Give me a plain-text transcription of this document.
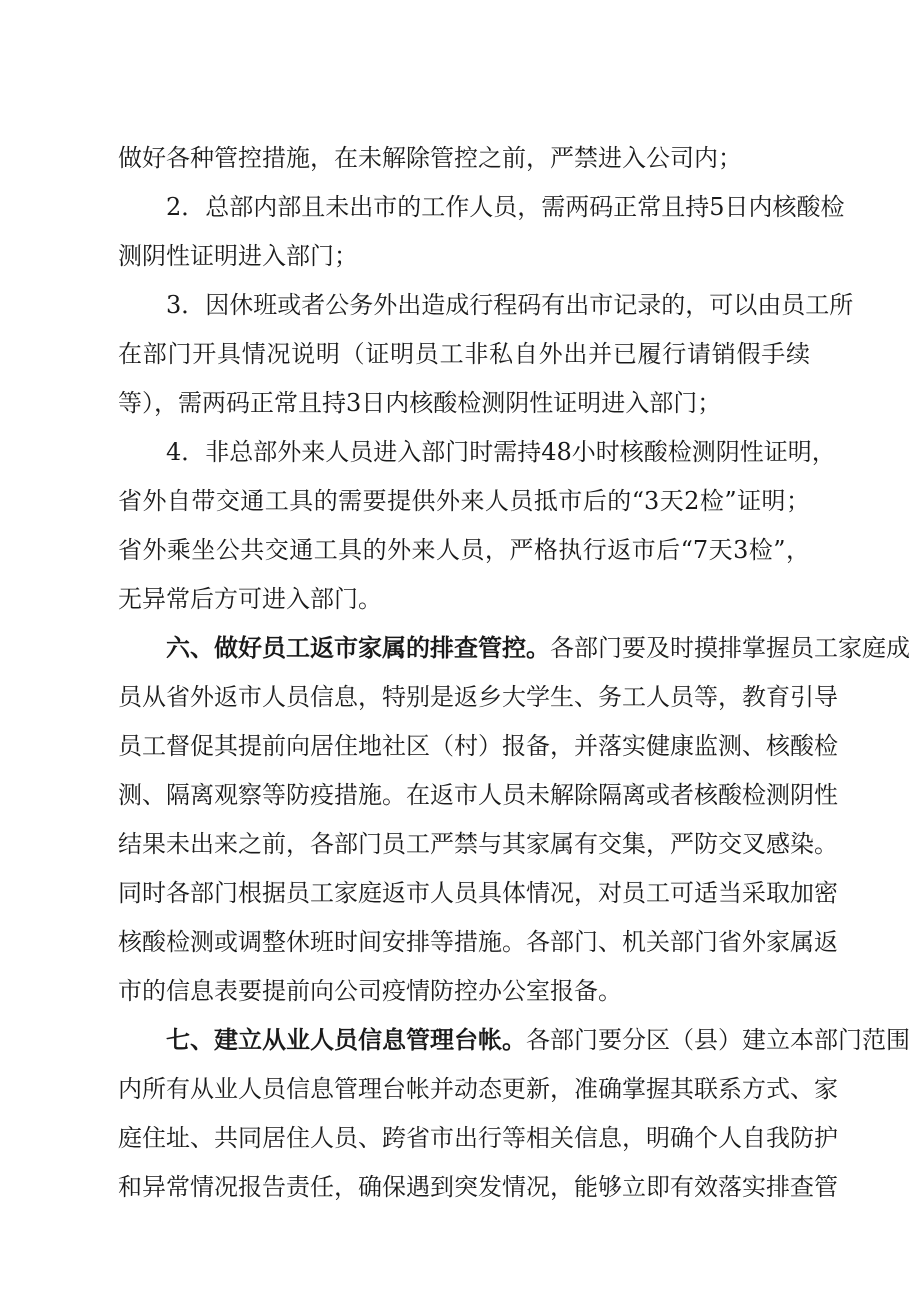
做好各种管控措施，在未解除管控之前，严禁进入公司内；
2．总部内部且未出市的工作人员，需两码正常且持5日内核酸检
测阴性证明进入部门；
3．因休班或者公务外出造成行程码有出市记录的，可以由员工所
在部门开具情况说明（证明员工非私自外出并已履行请销假手续
等），需两码正常且持3日内核酸检测阴性证明进入部门；
4．非总部外来人员进入部门时需持48小时核酸检测阴性证明，
省外自带交通工具的需要提供外来人员抵市后的“3天2检”证明；
省外乘坐公共交通工具的外来人员，严格执行返市后“7天3检”，
无异常后方可进入部门。
六、做好员工返市家属的排查管控。各部门要及时摸排掌握员工家庭成
员从省外返市人员信息，特别是返乡大学生、务工人员等，教育引导
员工督促其提前向居住地社区（村）报备，并落实健康监测、核酸检
测、隔离观察等防疫措施。在返市人员未解除隔离或者核酸检测阴性
结果未出来之前，各部门员工严禁与其家属有交集，严防交叉感染。
同时各部门根据员工家庭返市人员具体情况，对员工可适当采取加密
核酸检测或调整休班时间安排等措施。各部门、机关部门省外家属返
市的信息表要提前向公司疫情防控办公室报备。
七、建立从业人员信息管理台帐。各部门要分区（县）建立本部门范围
内所有从业人员信息管理台帐并动态更新，准确掌握其联系方式、家
庭住址、共同居住人员、跨省市出行等相关信息，明确个人自我防护
和异常情况报告责任，确保遇到突发情况，能够立即有效落实排查管
